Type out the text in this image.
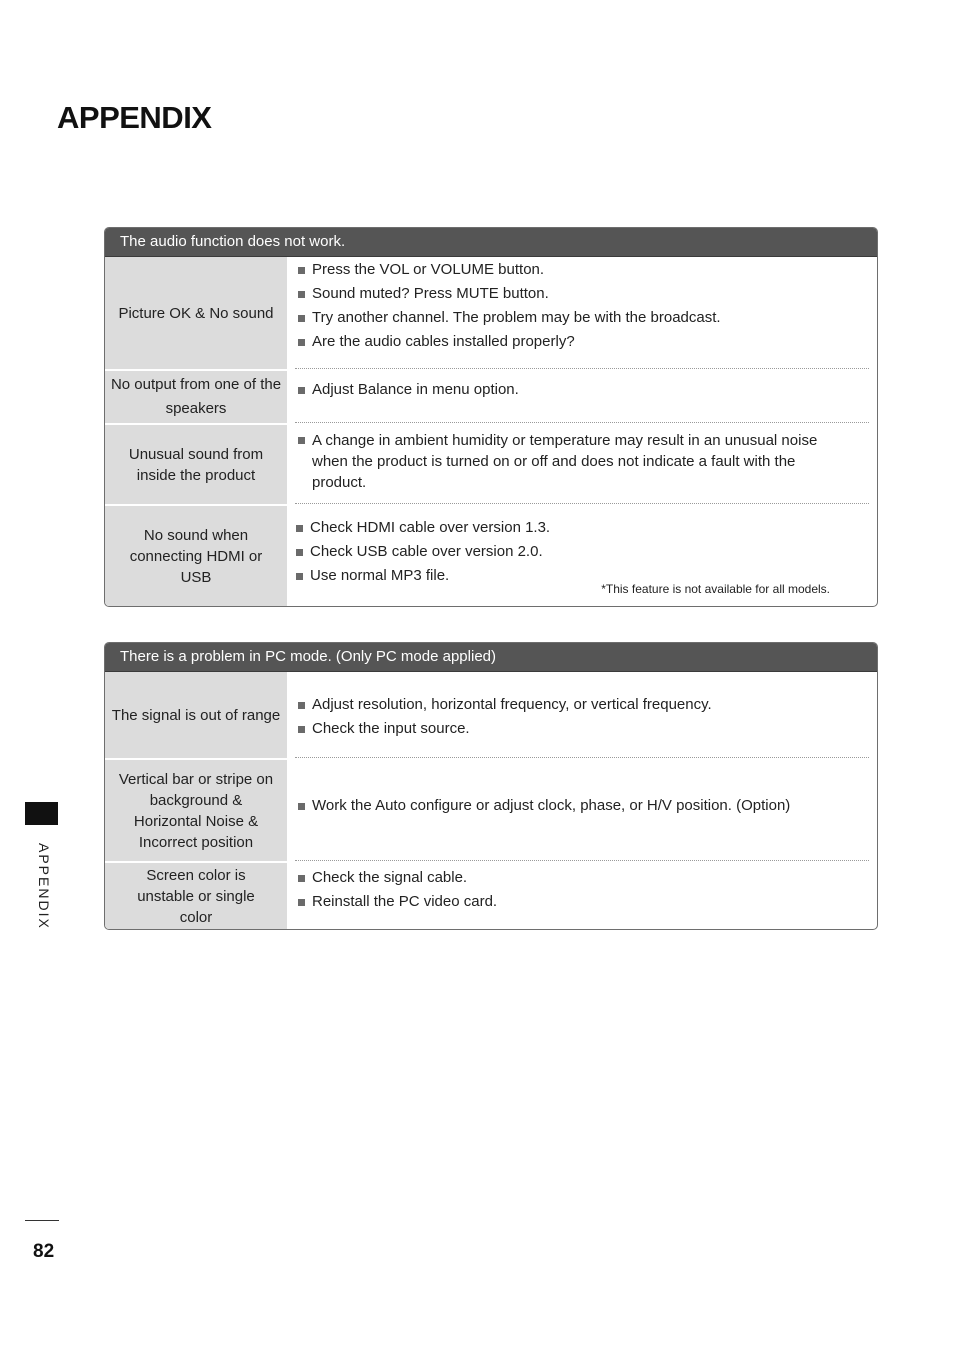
APPENDIX
The audio function does not work.
Picture OK & No sound
Press the VOL or VOLUME button.
Sound muted? Press MUTE button.
Try another channel. The problem may be with the broadcast.
Are the audio cables installed properly?
No output from one of the speakers
Adjust Balance in menu option.
Unusual sound from inside the product
A change in ambient humidity or temperature may result in an unusual noise when the product is turned on or off and does not indicate a fault with the product.
No sound when connecting HDMI or USB
Check HDMI cable over version 1.3.
Check USB cable over version 2.0.
Use normal MP3 file.
*This feature is not available for all models.
There is a problem in PC mode. (Only PC mode applied)
The signal is out of range
Adjust resolution, horizontal frequency, or vertical frequency.
Check the input source.
Vertical bar or stripe on background & Horizontal Noise & Incorrect position
Work the Auto configure or adjust clock, phase, or H/V position. (Option)
Screen color is unstable or single color
Check the signal cable.
Reinstall the PC video card.
APPENDIX
82
